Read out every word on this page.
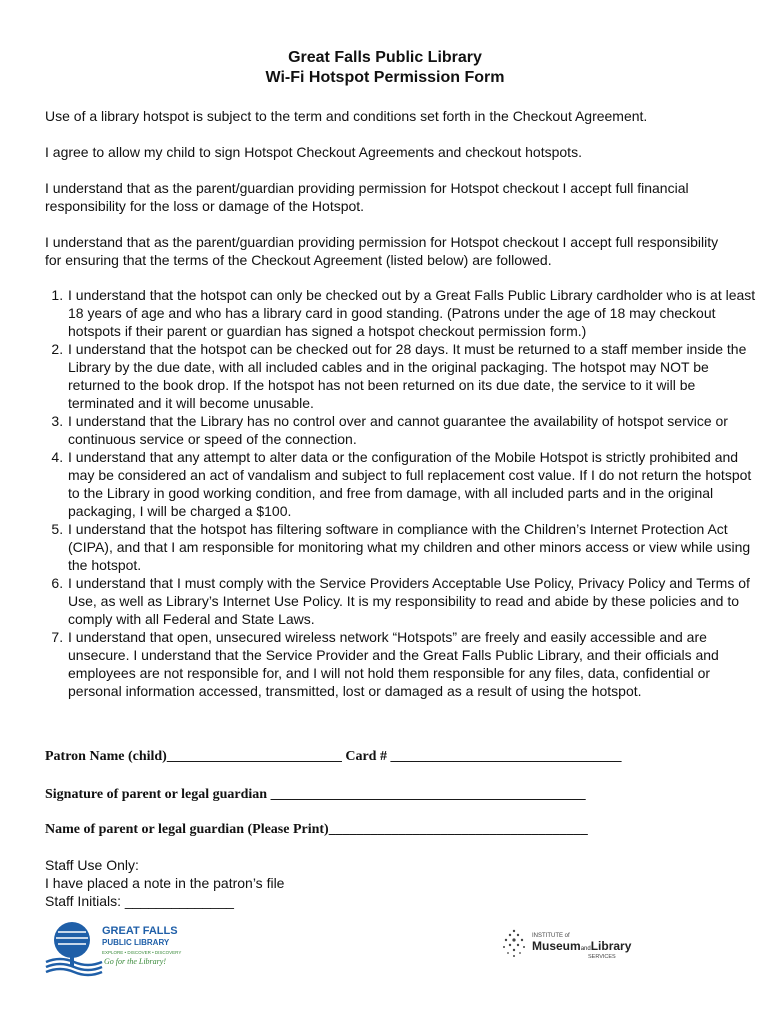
Great Falls Public Library
Wi-Fi Hotspot Permission Form
Use of a library hotspot is subject to the term and conditions set forth in the Checkout Agreement.
I agree to allow my child to sign Hotspot Checkout Agreements and checkout hotspots.
I understand that as the parent/guardian providing permission for Hotspot checkout I accept full financial responsibility for the loss or damage of the Hotspot.
I understand that as the parent/guardian providing permission for Hotspot checkout I accept full responsibility for ensuring that the terms of the Checkout Agreement (listed below) are followed.
1. I understand that the hotspot can only be checked out by a Great Falls Public Library cardholder who is at least 18 years of age and who has a library card in good standing. (Patrons under the age of 18 may checkout hotspots if their parent or guardian has signed a hotspot checkout permission form.)
2. I understand that the hotspot can be checked out for 28 days. It must be returned to a staff member inside the Library by the due date, with all included cables and in the original packaging. The hotspot may NOT be returned to the book drop. If the hotspot has not been returned on its due date, the service to it will be terminated and it will become unusable.
3. I understand that the Library has no control over and cannot guarantee the availability of hotspot service or continuous service or speed of the connection.
4. I understand that any attempt to alter data or the configuration of the Mobile Hotspot is strictly prohibited and may be considered an act of vandalism and subject to full replacement cost value. If I do not return the hotspot to the Library in good working condition, and free from damage, with all included parts and in the original packaging, I will be charged a $100.
5. I understand that the hotspot has filtering software in compliance with the Children’s Internet Protection Act (CIPA), and that I am responsible for monitoring what my children and other minors access or view while using the hotspot.
6. I understand that I must comply with the Service Providers Acceptable Use Policy, Privacy Policy and Terms of Use, as well as Library’s Internet Use Policy. It is my responsibility to read and abide by these policies and to comply with all Federal and State Laws.
7. I understand that open, unsecured wireless network “Hotspots” are freely and easily accessible and are unsecure. I understand that the Service Provider and the Great Falls Public Library, and their officials and employees are not responsible for, and I will not hold them responsible for any files, data, confidential or personal information accessed, transmitted, lost or damaged as a result of using the hotspot.
Patron Name (child)_________________________ Card # _________________________________
Signature of parent or legal guardian _____________________________________________
Name of parent or legal guardian (Please Print)_____________________________________
Staff Use Only:
I have placed a note in the patron’s file
Staff Initials: ______________
GREAT FALLS
PUBLIC LIBRARY
EXPLORE • DISCOVER • DISCOVERY
Go for the Library!
INSTITUTE of
MuseumandLibrary
SERVICES
